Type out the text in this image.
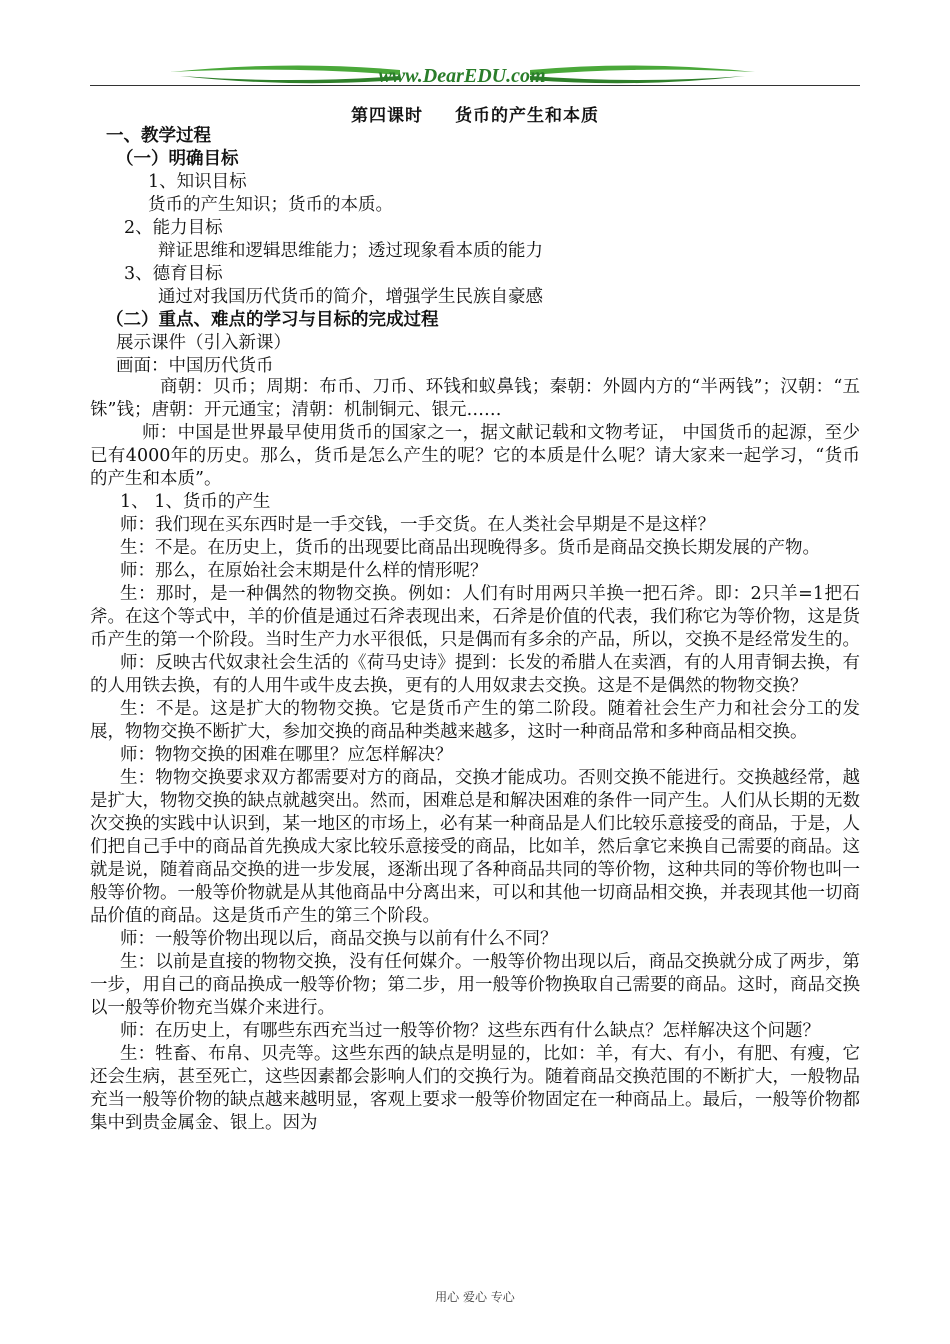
www.DearEDU.com
第四课时 货币的产生和本质
一、教学过程
（一）明确目标
1、知识目标
货币的产生知识；货币的本质。
2、能力目标
辩证思维和逻辑思维能力；透过现象看本质的能力
3、德育目标
通过对我国历代货币的简介，增强学生民族自豪感
（二）重点、难点的学习与目标的完成过程
展示课件（引入新课）
画面：中国历代货币

商朝：贝币；周期：布币、刀币、环钱和蚁鼻钱；秦朝：外圆内方的“半两钱”；汉朝：“五铢”钱；唐朝：开元通宝；清朝：机制铜元、银元……

师：中国是世界最早使用货币的国家之一，据文献记载和文物考证， 中国货币的起源，至少已有4000年的历史。那么，货币是怎么产生的呢？它的本质是什么呢？请大家来一起学习，“货币的产生和本质”。

1、 1、货币的产生

师：我们现在买东西时是一手交钱，一手交货。在人类社会早期是不是这样？

生：不是。在历史上，货币的出现要比商品出现晚得多。货币是商品交换长期发展的产物。

师：那么，在原始社会末期是什么样的情形呢？

生：那时，是一种偶然的物物交换。例如：人们有时用两只羊换一把石斧。即：2只羊=1把石斧。在这个等式中，羊的价值是通过石斧表现出来，石斧是价值的代表，我们称它为等价物，这是货币产生的第一个阶段。当时生产力水平很低，只是偶而有多余的产品，所以，交换不是经常发生的。

师：反映古代奴隶社会生活的《荷马史诗》提到：长发的希腊人在卖酒，有的人用青铜去换，有的人用铁去换，有的人用牛或牛皮去换，更有的人用奴隶去交换。这是不是偶然的物物交换？

生：不是。这是扩大的物物交换。它是货币产生的第二阶段。随着社会生产力和社会分工的发展，物物交换不断扩大，参加交换的商品种类越来越多，这时一种商品常和多种商品相交换。

师：物物交换的困难在哪里？应怎样解决？

生：物物交换要求双方都需要对方的商品，交换才能成功。否则交换不能进行。交换越经常，越是扩大，物物交换的缺点就越突出。然而，困难总是和解决困难的条件一同产生。人们从长期的无数次交换的实践中认识到，某一地区的市场上，必有某一种商品是人们比较乐意接受的商品，于是，人们把自己手中的商品首先换成大家比较乐意接受的商品，比如羊，然后拿它来换自己需要的商品。这就是说，随着商品交换的进一步发展，逐渐出现了各种商品共同的等价物，这种共同的等价物也叫一般等价物。一般等价物就是从其他商品中分离出来，可以和其他一切商品相交换，并表现其他一切商品价值的商品。这是货币产生的第三个阶段。

师：一般等价物出现以后，商品交换与以前有什么不同？

生：以前是直接的物物交换，没有任何媒介。一般等价物出现以后，商品交换就分成了两步，第一步，用自己的商品换成一般等价物；第二步，用一般等价物换取自己需要的商品。这时，商品交换以一般等价物充当媒介来进行。

师：在历史上，有哪些东西充当过一般等价物？这些东西有什么缺点？怎样解决这个问题？

生：牲畜、布帛、贝壳等。这些东西的缺点是明显的，比如：羊，有大、有小，有肥、有瘦，它还会生病，甚至死亡，这些因素都会影响人们的交换行为。随着商品交换范围的不断扩大，一般物品充当一般等价物的缺点越来越明显，客观上要求一般等价物固定在一种商品上。最后，一般等价物都集中到贵金属金、银上。因为

用心 爱心 专心
